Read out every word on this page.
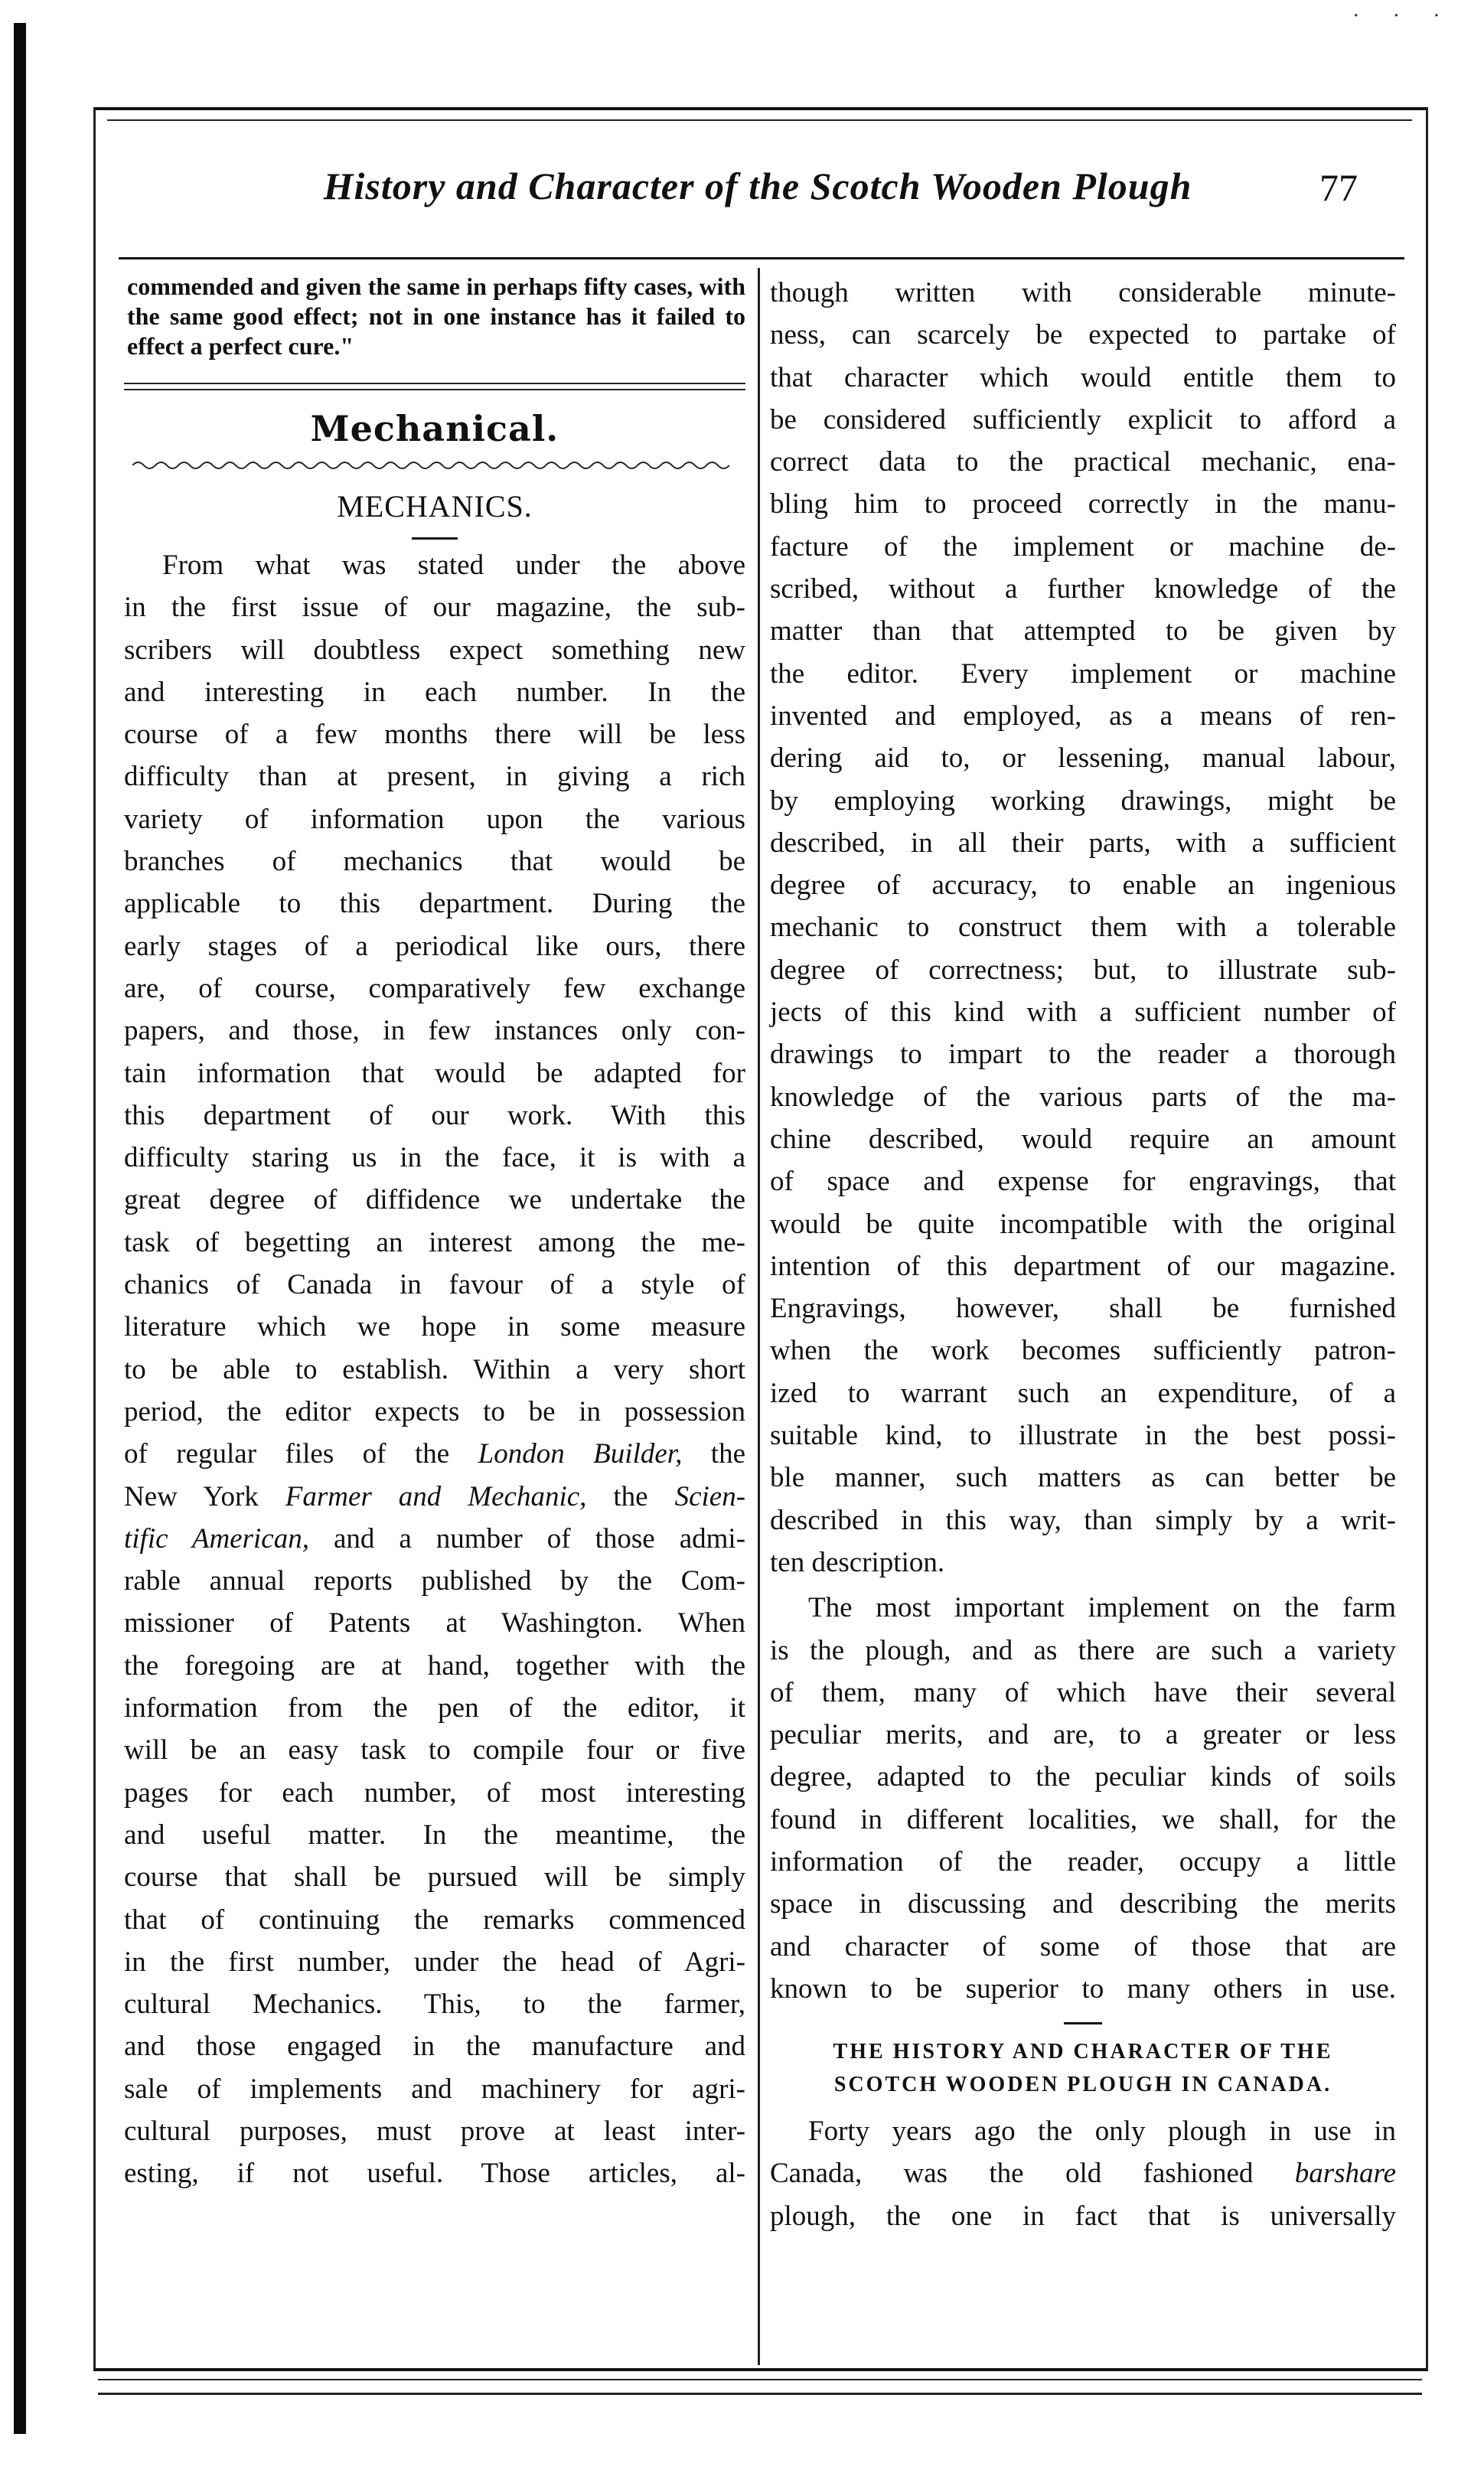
· · ·
History and Character of the Scotch Wooden Plough	77

commended and given the same in perhaps fifty cases, with the same good effect; not in one instance has it failed to effect a perfect cure."

Mechanical.
MECHANICS.

From what was stated under the above

in the first issue of our magazine, the sub-

scribers will doubtless expect something new

and interesting in each number. In the

course of a few months there will be less

difficulty than at present, in giving a rich

variety of information upon the various

branches of mechanics that would be

applicable to this department. During the

early stages of a periodical like ours, there

are, of course, comparatively few exchange

papers, and those, in few instances only con-

tain information that would be adapted for

this department of our work. With this

difficulty staring us in the face, it is with a

great degree of diffidence we undertake the

task of begetting an interest among the me-

chanics of Canada in favour of a style of

literature which we hope in some measure

to be able to establish. Within a very short

period, the editor expects to be in possession

of regular files of the London Builder, the

New York Farmer and Mechanic, the Scien-

tific American, and a number of those admi-

rable annual reports published by the Com-

missioner of Patents at Washington. When

the foregoing are at hand, together with the

information from the pen of the editor, it

will be an easy task to compile four or five

pages for each number, of most interesting

and useful matter. In the meantime, the

course that shall be pursued will be simply

that of continuing the remarks commenced

in the first number, under the head of Agri-

cultural Mechanics. This, to the farmer,

and those engaged in the manufacture and

sale of implements and machinery for agri-

cultural purposes, must prove at least inter-

esting, if not useful. Those articles, al-

though written with considerable minute-

ness, can scarcely be expected to partake of

that character which would entitle them to

be considered sufficiently explicit to afford a

correct data to the practical mechanic, ena-

bling him to proceed correctly in the manu-

facture of the implement or machine de-

scribed, without a further knowledge of the

matter than that attempted to be given by

the editor. Every implement or machine

invented and employed, as a means of ren-

dering aid to, or lessening, manual labour,

by employing working drawings, might be

described, in all their parts, with a sufficient

degree of accuracy, to enable an ingenious

mechanic to construct them with a tolerable

degree of correctness; but, to illustrate sub-

jects of this kind with a sufficient number of

drawings to impart to the reader a thorough

knowledge of the various parts of the ma-

chine described, would require an amount

of space and expense for engravings, that

would be quite incompatible with the original

intention of this department of our magazine.

Engravings, however, shall be furnished

when the work becomes sufficiently patron-

ized to warrant such an expenditure, of a

suitable kind, to illustrate in the best possi-

ble manner, such matters as can better be

described in this way, than simply by a writ-

ten description.

The most important implement on the farm

is the plough, and as there are such a variety

of them, many of which have their several

peculiar merits, and are, to a greater or less

degree, adapted to the peculiar kinds of soils

found in different localities, we shall, for the

information of the reader, occupy a little

space in discussing and describing the merits

and character of some of those that are

known to be superior to many others in use.

THE HISTORY AND CHARACTER OF THE
SCOTCH WOODEN PLOUGH IN CANADA.

Forty years ago the only plough in use in

Canada, was the old fashioned barshare

plough, the one in fact that is universally
